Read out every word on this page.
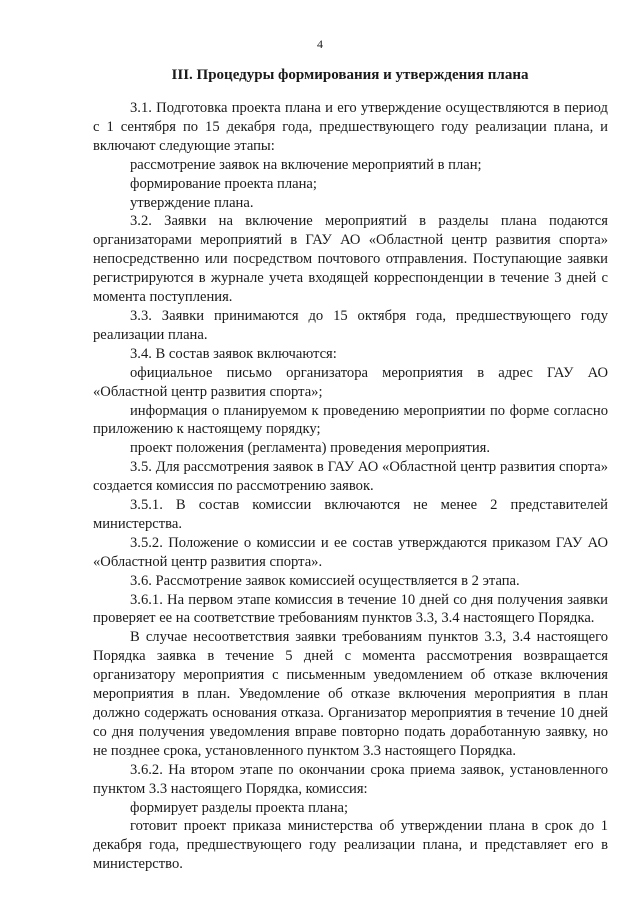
4
III. Процедуры формирования и утверждения плана

3.1. Подготовка проекта плана и его утверждение осуществляются в период с 1 сентября по 15 декабря года, предшествующего году реализации плана, и включают следующие этапы:

рассмотрение заявок на включение мероприятий в план;

формирование проекта плана;

утверждение плана.

3.2. Заявки на включение мероприятий в разделы плана подаются организаторами мероприятий в ГАУ АО «Областной центр развития спорта» непосредственно или посредством почтового отправления. Поступающие заявки регистрируются в журнале учета входящей корреспонденции в течение 3 дней с момента поступления.

3.3. Заявки принимаются до 15 октября года, предшествующего году реализации плана.

3.4. В состав заявок включаются:

официальное письмо организатора мероприятия в адрес ГАУ АО «Областной центр развития спорта»;

информация о планируемом к проведению мероприятии по форме согласно приложению к настоящему порядку;

проект положения (регламента) проведения мероприятия.

3.5. Для рассмотрения заявок в ГАУ АО «Областной центр развития спорта» создается комиссия по рассмотрению заявок.

3.5.1. В состав комиссии включаются не менее 2 представителей министерства.

3.5.2. Положение о комиссии и ее состав утверждаются приказом ГАУ АО «Областной центр развития спорта».

3.6. Рассмотрение заявок комиссией осуществляется в 2 этапа.

3.6.1. На первом этапе комиссия в течение 10 дней со дня получения заявки проверяет ее на соответствие требованиям пунктов 3.3, 3.4 настоящего Порядка.

В случае несоответствия заявки требованиям пунктов 3.3, 3.4 настоящего Порядка заявка в течение 5 дней с момента рассмотрения возвращается организатору мероприятия с письменным уведомлением об отказе включения мероприятия в план. Уведомление об отказе включения мероприятия в план должно содержать основания отказа. Организатор мероприятия в течение 10 дней со дня получения уведомления вправе повторно подать доработанную заявку, но не позднее срока, установленного пунктом 3.3 настоящего Порядка.

3.6.2. На втором этапе по окончании срока приема заявок, установленного пунктом 3.3 настоящего Порядка, комиссия:

формирует разделы проекта плана;

готовит проект приказа министерства об утверждении плана в срок до 1 декабря года, предшествующего году реализации плана, и представляет его в министерство.
